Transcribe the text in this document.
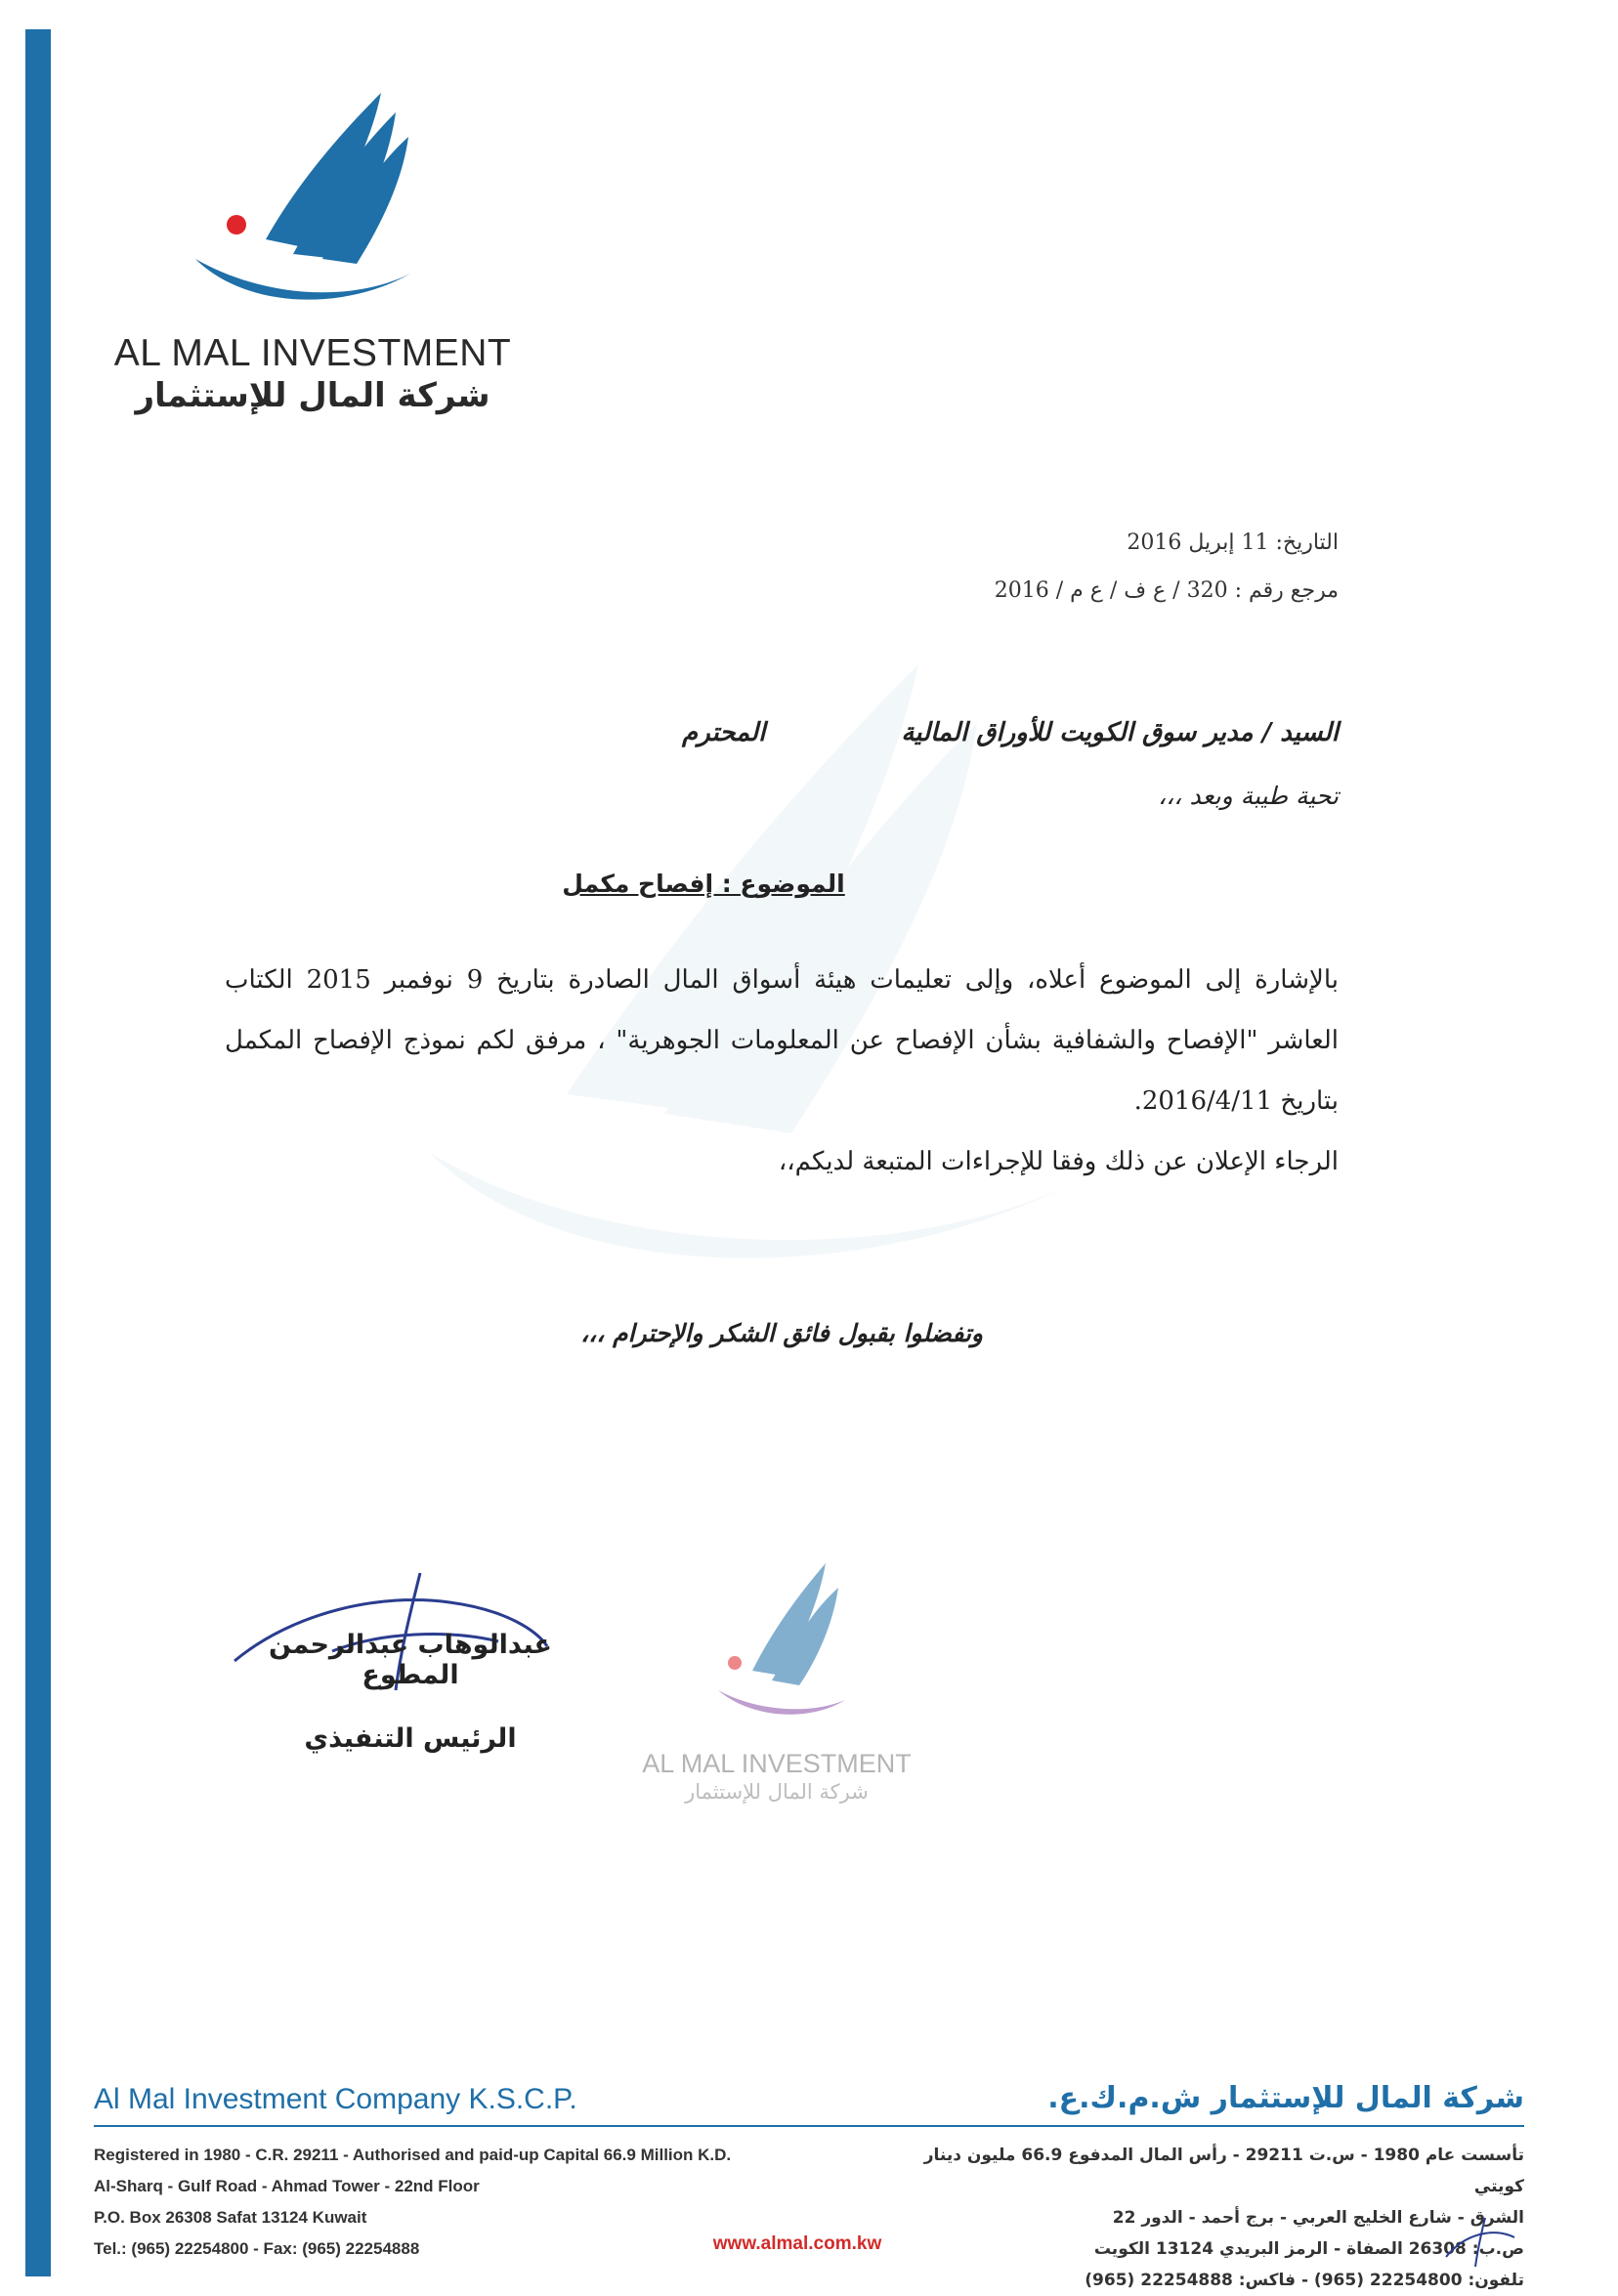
AL MAL INVESTMENT
شركة المال للإستثمار
التاريخ: 11 إبريل 2016
مرجع رقم : 320 / ع ف / ع م / 2016
السيد / مدير سوق الكويت للأوراق المالية المحترم
تحية طيبة وبعد ،،،
الموضوع : إفصاح مكمل
بالإشارة إلى الموضوع أعلاه، وإلى تعليمات هيئة أسواق المال الصادرة بتاريخ 9 نوفمبر 2015 الكتاب العاشر "الإفصاح والشفافية بشأن الإفصاح عن المعلومات الجوهرية" ، مرفق لكم نموذج الإفصاح المكمل بتاريخ 2016/4/11.
الرجاء الإعلان عن ذلك وفقا للإجراءات المتبعة لديكم،،
وتفضلوا بقبول فائق الشكر والإحترام ،،،
عبدالوهاب عبدالرحمن المطوع
الرئيس التنفيذي
AL MAL INVESTMENT
شركة المال للإستثمار
Al Mal Investment Company K.S.C.P.	شركة المال للإستثمار ش.م.ك.ع.
Registered in 1980 - C.R. 29211 - Authorised and paid-up Capital 66.9 Million K.D.
Al-Sharq - Gulf Road - Ahmad Tower - 22nd Floor
P.O. Box 26308 Safat 13124 Kuwait
Tel.: (965) 22254800 - Fax: (965) 22254888
تأسست عام 1980 - س.ت 29211 - رأس المال المدفوع 66.9 مليون دينار كويتي
الشرق - شارع الخليج العربي - برج أحمد - الدور 22
ص.ب: 26308 الصفاة - الرمز البريدي 13124 الكويت
تلفون: 22254800 (965) - فاكس: 22254888 (965)
www.almal.com.kw
